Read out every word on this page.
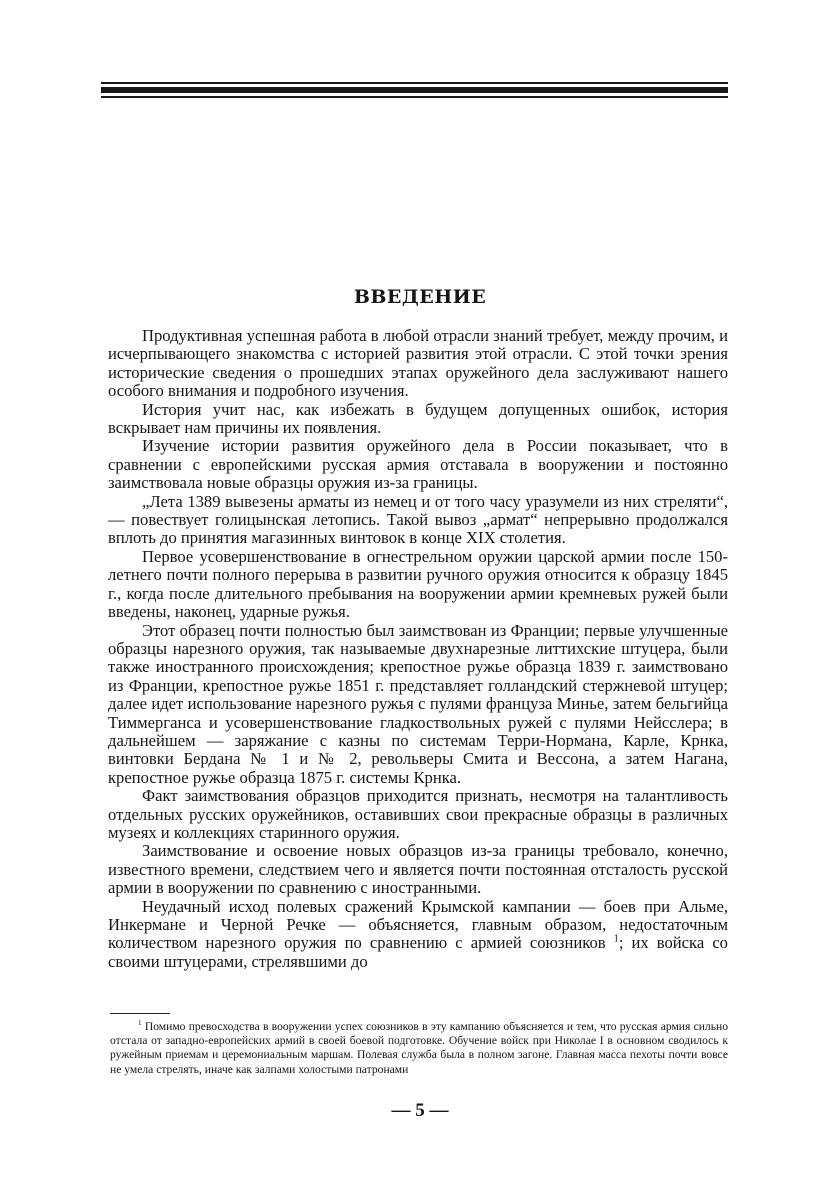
ВВЕДЕНИЕ

Продуктивная успешная работа в любой отрасли знаний требует, между прочим, и исчерпывающего знакомства с историей развития этой отрасли. С этой точки зрения исторические сведения о прошедших этапах оружейного дела заслуживают нашего особого внимания и подробного изучения.

История учит нас, как избежать в будущем допущенных ошибок, история вскрывает нам причины их появления.

Изучение истории развития оружейного дела в России показывает, что в сравнении с европейскими русская армия отставала в вооружении и постоянно заимствовала новые образцы оружия из-за границы.

„Лета 1389 вывезены арматы из немец и от того часу уразумели из них стреляти“, — повествует голицынская летопись. Такой вывоз „армат“ непрерывно продолжался вплоть до принятия магазинных винтовок в конце XIX столетия.

Первое усовершенствование в огнестрельном оружии царской армии после 150-летнего почти полного перерыва в развитии ручного оружия относится к образцу 1845 г., когда после длительного пребывания на вооружении армии кремневых ружей были введены, наконец, ударные ружья.

Этот образец почти полностью был заимствован из Франции; первые улучшенные образцы нарезного оружия, так называемые двухнарезные литтихские штуцера, были также иностранного происхождения; крепостное ружье образца 1839 г. заимствовано из Франции, крепостное ружье 1851 г. представляет голландский стержневой штуцер; далее идет использование нарезного ружья с пулями француза Минье, затем бельгийца Тиммерганса и усовершенствование гладкоствольных ружей с пулями Нейсслера; в дальнейшем — заряжание с казны по системам Терри-Нормана, Карле, Крнка, винтовки Бердана № 1 и № 2, револьверы Смита и Вессона, а затем Нагана, крепостное ружье образца 1875 г. системы Крнка.

Факт заимствования образцов приходится признать, несмотря на талантливость отдельных русских оружейников, оставивших свои прекрасные образцы в различных музеях и коллекциях старинного оружия.

Заимствование и освоение новых образцов из-за границы требовало, конечно, известного времени, следствием чего и является почти постоянная отсталость русской армии в вооружении по сравнению с иностранными.

Неудачный исход полевых сражений Крымской кампании — боев при Альме, Инкермане и Черной Речке — объясняется, главным образом, недостаточным количеством нарезного оружия по сравнению с армией союзников $^1$; их войска со своими штуцерами, стрелявшими до

$^1$ Помимо превосходства в вооружении успех союзников в эту кампанию объясняется и тем, что русская армия сильно отстала от западно-европейских армий в своей боевой подготовке. Обучение войск при Николае I в основном сводилось к ружейным приемам и церемониальным маршам. Полевая служба была в полном загоне. Главная масса пехоты почти вовсе не умела стрелять, иначе как залпами холостыми патронами

— 5 —
